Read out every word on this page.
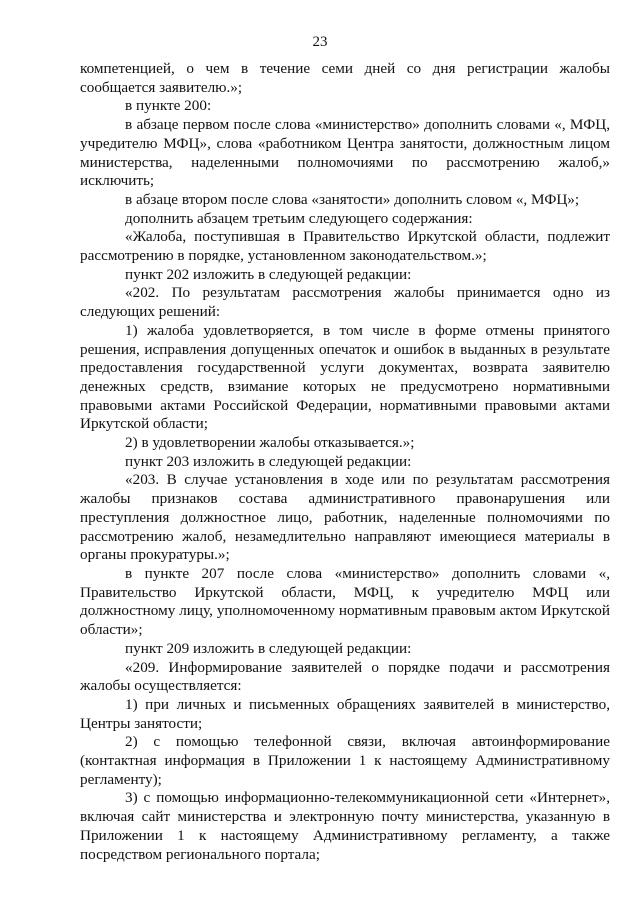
23

компетенцией, о чем в течение семи дней со дня регистрации жалобы сообщается заявителю.»;

в пункте 200:

в абзаце первом после слова «министерство» дополнить словами «, МФЦ, учредителю МФЦ», слова «работником Центра занятости, должностным лицом министерства, наделенными полномочиями по рассмотрению жалоб,» исключить;

в абзаце втором после слова «занятости» дополнить словом «, МФЦ»;

дополнить абзацем третьим следующего содержания:

«Жалоба, поступившая в Правительство Иркутской области, подлежит рассмотрению в порядке, установленном законодательством.»;

пункт 202 изложить в следующей редакции:

«202. По результатам рассмотрения жалобы принимается одно из следующих решений:

1) жалоба удовлетворяется, в том числе в форме отмены принятого решения, исправления допущенных опечаток и ошибок в выданных в результате предоставления государственной услуги документах, возврата заявителю денежных средств, взимание которых не предусмотрено нормативными правовыми актами Российской Федерации, нормативными правовыми актами Иркутской области;

2) в удовлетворении жалобы отказывается.»;

пункт 203 изложить в следующей редакции:

«203. В случае установления в ходе или по результатам рассмотрения жалобы признаков состава административного правонарушения или преступления должностное лицо, работник, наделенные полномочиями по рассмотрению жалоб, незамедлительно направляют имеющиеся материалы в органы прокуратуры.»;

в пункте 207 после слова «министерство» дополнить словами «, Правительство Иркутской области, МФЦ, к учредителю МФЦ или должностному лицу, уполномоченному нормативным правовым актом Иркутской области»;

пункт 209 изложить в следующей редакции:

«209. Информирование заявителей о порядке подачи и рассмотрения жалобы осуществляется:

1) при личных и письменных обращениях заявителей в министерство, Центры занятости;

2) с помощью телефонной связи, включая автоинформирование (контактная информация в Приложении 1 к настоящему Административному регламенту);

3) с помощью информационно-телекоммуникационной сети «Интернет», включая сайт министерства и электронную почту министерства, указанную в Приложении 1 к настоящему Административному регламенту, а также посредством регионального портала;
